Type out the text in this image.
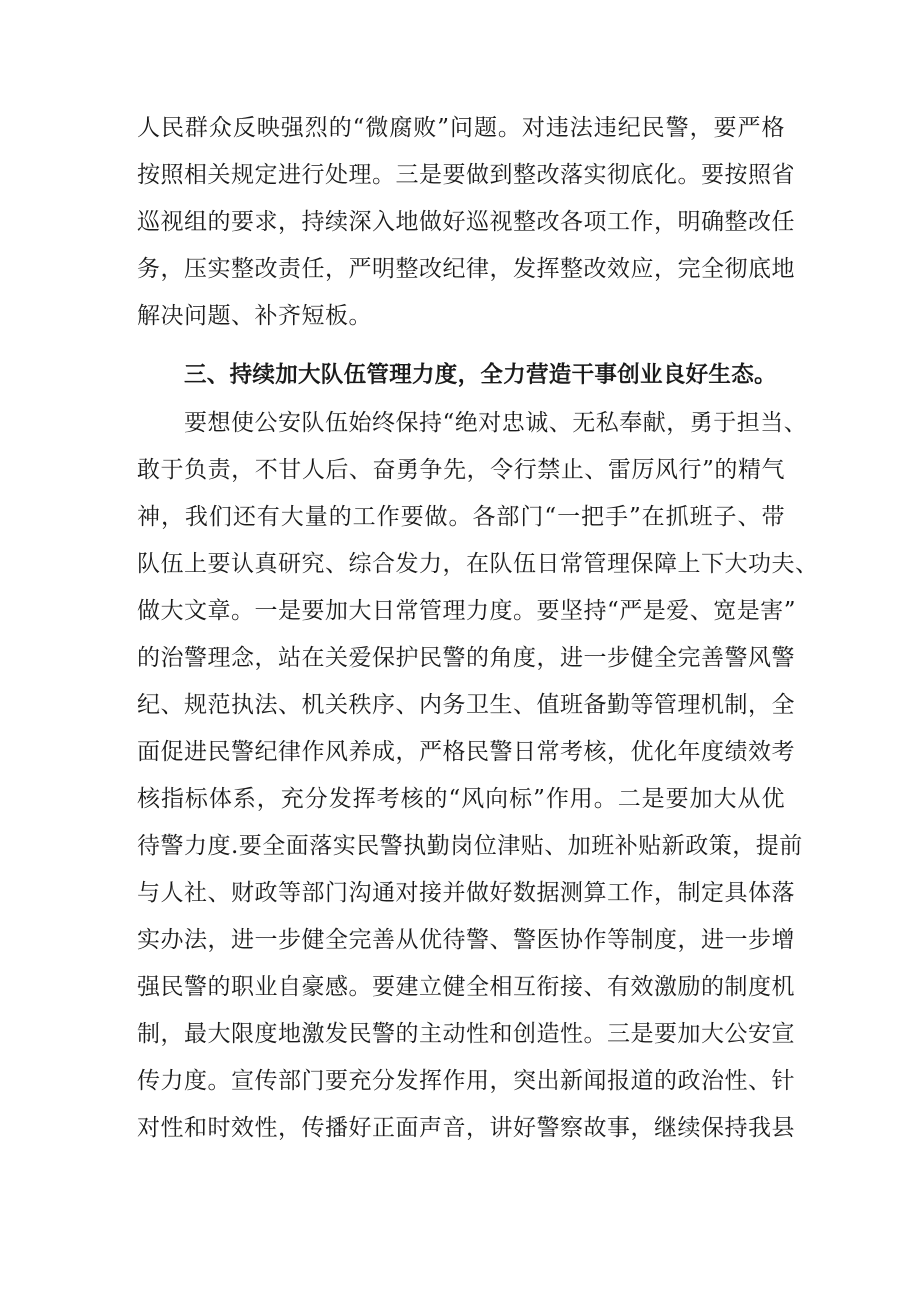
人民群众反映强烈的“微腐败”问题。对违法违纪民警，要严格
按照相关规定进行处理。三是要做到整改落实彻底化。要按照省
巡视组的要求，持续深入地做好巡视整改各项工作，明确整改任
务，压实整改责任，严明整改纪律，发挥整改效应，完全彻底地
解决问题、补齐短板。
三、持续加大队伍管理力度，全力营造干事创业良好生态。
要想使公安队伍始终保持“绝对忠诚、无私奉献，勇于担当、
敢于负责，不甘人后、奋勇争先，令行禁止、雷厉风行”的精气
神，我们还有大量的工作要做。各部门“一把手”在抓班子、带
队伍上要认真研究、综合发力，在队伍日常管理保障上下大功夫、
做大文章。一是要加大日常管理力度。要坚持“严是爱、宽是害”
的治警理念，站在关爱保护民警的角度，进一步健全完善警风警
纪、规范执法、机关秩序、内务卫生、值班备勤等管理机制，全
面促进民警纪律作风养成，严格民警日常考核，优化年度绩效考
核指标体系，充分发挥考核的“风向标”作用。二是要加大从优
待警力度.要全面落实民警执勤岗位津贴、加班补贴新政策，提前
与人社、财政等部门沟通对接并做好数据测算工作，制定具体落
实办法，进一步健全完善从优待警、警医协作等制度，进一步增
强民警的职业自豪感。要建立健全相互衔接、有效激励的制度机
制，最大限度地激发民警的主动性和创造性。三是要加大公安宣
传力度。宣传部门要充分发挥作用，突出新闻报道的政治性、针
对性和时效性，传播好正面声音，讲好警察故事，继续保持我县
